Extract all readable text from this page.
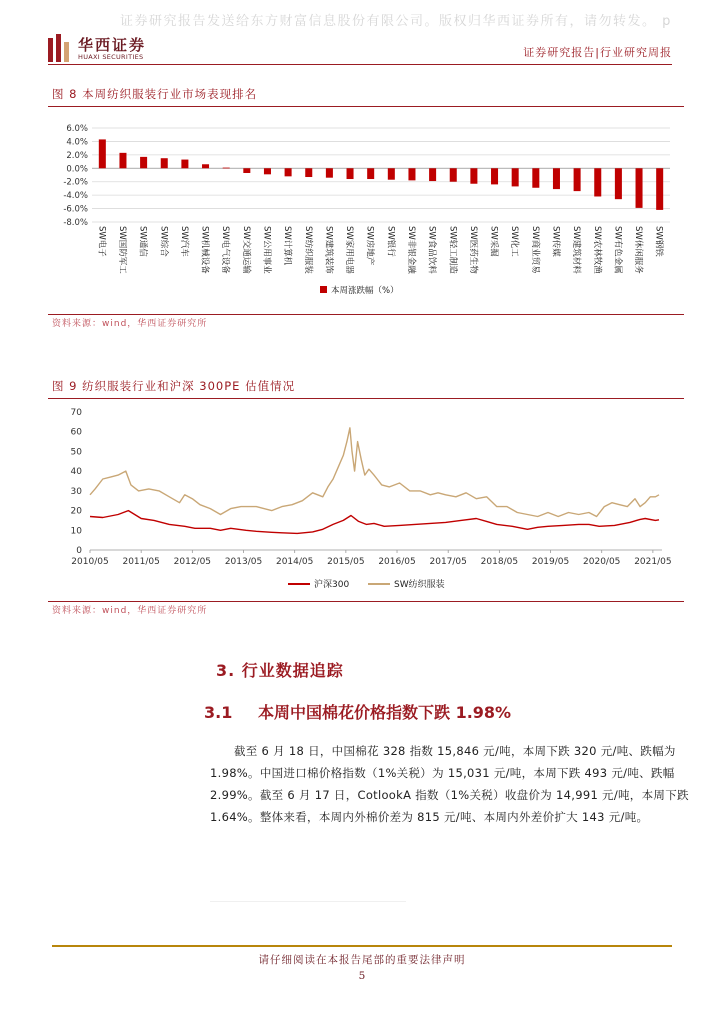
证券研究报告发送给东方财富信息股份有限公司。版权归华西证券所有，请勿转发。 p
华西证券
HUAXI SECURITIES	证券研究报告|行业研究周报
图 8 本周纺织服装行业市场表现排名
6.0%
4.0%
2.0%
0.0%
-2.0%
-4.0%
-6.0%
-8.0%
SW电子 SW国防军工 SW通信 SW综合 SW汽车 SW机械设备 SW电气设备 SW交通运输 SW公用事业 SW计算机 SW纺织服装 SW建筑装饰 SW家用电器 SW房地产 SW银行 SW非银金融 SW食品饮料 SW轻工制造 SW医药生物 SW采掘 SW化工 SW商业贸易 SW传媒 SW建筑材料 SW农林牧渔 SW有色金属 SW休闲服务 SW钢铁
本周涨跌幅（%）
资料来源：wind，华西证券研究所
图 9 纺织服装行业和沪深 300PE 估值情况
0
10
20
30
40
50
60
70
2010/05 2011/05 2012/05 2013/05 2014/05 2015/05 2016/05 2017/05 2018/05 2019/05 2020/05 2021/05
沪深300	SW纺织服装
资料来源：wind，华西证券研究所
3. 行业数据追踪
3.1 本周中国棉花价格指数下跌 1.98%
截至 6 月 18 日，中国棉花 328 指数 15,846 元/吨，本周下跌 320 元/吨、跌幅为 1.98%。中国进口棉价格指数（1%关税）为 15,031 元/吨，本周下跌 493 元/吨、跌幅 2.99%。截至 6 月 17 日，CotlookA 指数（1%关税）收盘价为 14,991 元/吨，本周下跌 1.64%。整体来看，本周内外棉价差为 815 元/吨、本周内外差价扩大 143 元/吨。
请仔细阅读在本报告尾部的重要法律声明
5
